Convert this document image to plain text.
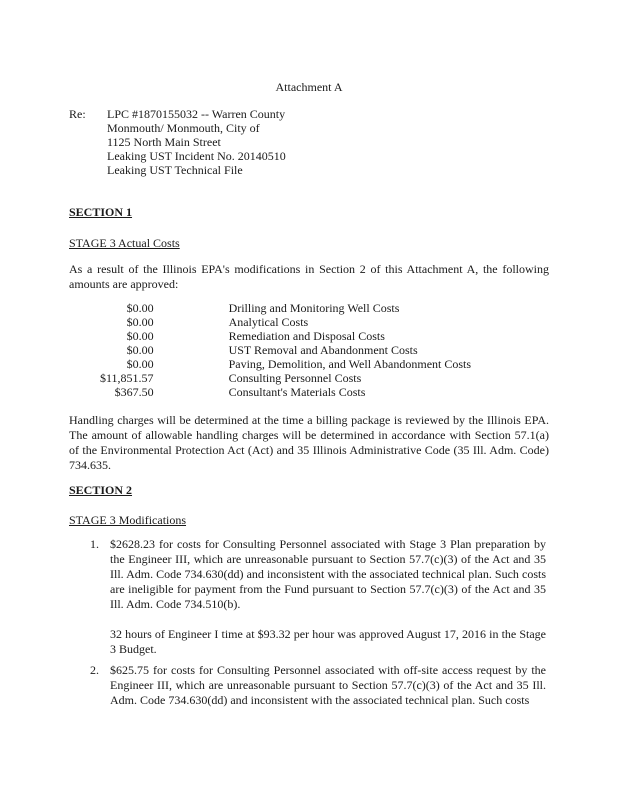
Attachment A
Re: LPC #1870155032 -- Warren County
Monmouth/ Monmouth, City of
1125 North Main Street
Leaking UST Incident No. 20140510
Leaking UST Technical File
SECTION 1
STAGE 3 Actual Costs
As a result of the Illinois EPA's modifications in Section 2 of this Attachment A, the following amounts are approved:
$0.00	Drilling and Monitoring Well Costs
$0.00	Analytical Costs
$0.00	Remediation and Disposal Costs
$0.00	UST Removal and Abandonment Costs
$0.00	Paving, Demolition, and Well Abandonment Costs
$11,851.57	Consulting Personnel Costs
$367.50	Consultant's Materials Costs
Handling charges will be determined at the time a billing package is reviewed by the Illinois EPA. The amount of allowable handling charges will be determined in accordance with Section 57.1(a) of the Environmental Protection Act (Act) and 35 Illinois Administrative Code (35 Ill. Adm. Code) 734.635.
SECTION 2
STAGE 3 Modifications
1. $2628.23 for costs for Consulting Personnel associated with Stage 3 Plan preparation by the Engineer III, which are unreasonable pursuant to Section 57.7(c)(3) of the Act and 35 Ill. Adm. Code 734.630(dd) and inconsistent with the associated technical plan. Such costs are ineligible for payment from the Fund pursuant to Section 57.7(c)(3) of the Act and 35 Ill. Adm. Code 734.510(b).

32 hours of Engineer I time at $93.32 per hour was approved August 17, 2016 in the Stage 3 Budget.

2. $625.75 for costs for Consulting Personnel associated with off-site access request by the Engineer III, which are unreasonable pursuant to Section 57.7(c)(3) of the Act and 35 Ill. Adm. Code 734.630(dd) and inconsistent with the associated technical plan. Such costs
